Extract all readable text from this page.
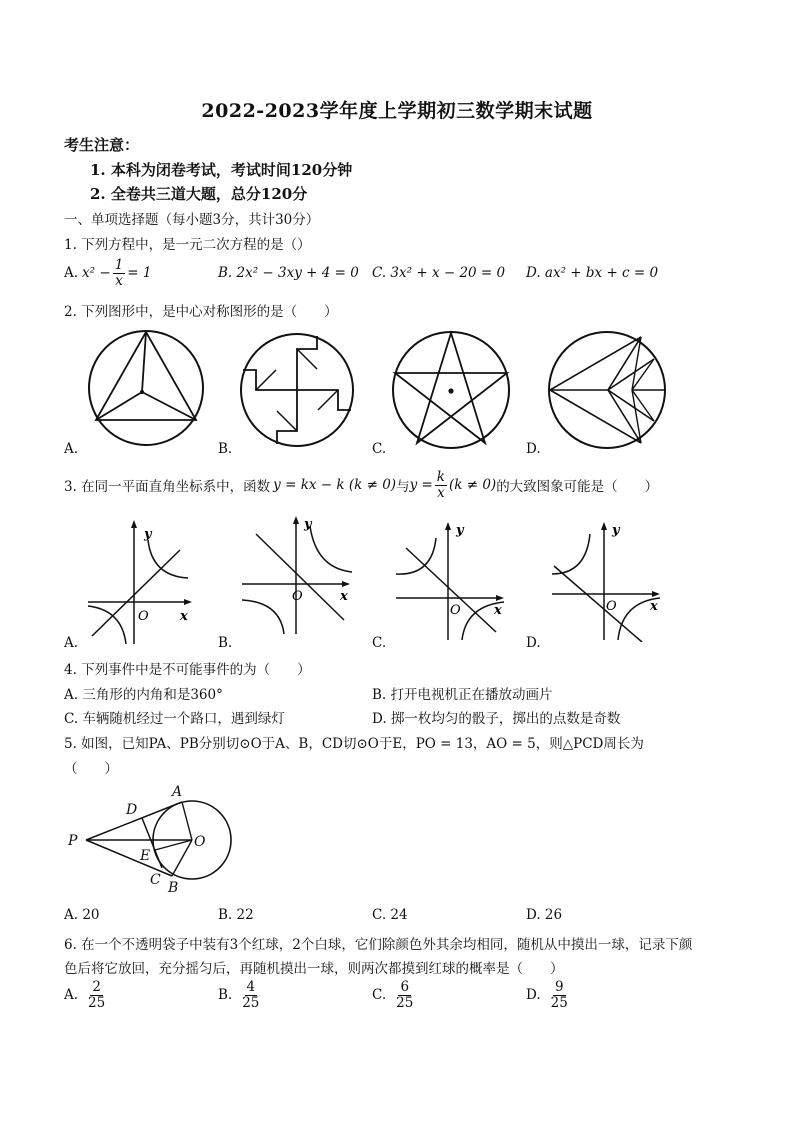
2022-2023学年度上学期初三数学期末试题
考生注意：
1. 本科为闭卷考试，考试时间120分钟
2. 全卷共三道大题，总分120分
一、单项选择题（每小题3分，共计30分）
1. 下列方程中，是一元二次方程的是（）
A. $x^2 - \frac{1}{x} = 1$	B. 2x² − 3xy + 4 = 0 C. 3x² + x − 20 = 0 D. ax² + bx + c = 0
2. 下列图形中，是中心对称图形的是（　　）
A.	B.	C.	D.
3. 在同一平面直角坐标系中，函数 y = kx − k (k ≠ 0) 与 $y = \frac{k}{x} (k \ne 0)$ 的大致图象可能是（　　）
y
x
O
y
x
O
y
x
O
y
x
O
A.	B.	C.	D.
4. 下列事件中是不可能事件的为（　　）
A. 三角形的内角和是360°	B. 打开电视机正在播放动画片
C. 车辆随机经过一个路口，遇到绿灯	D. 掷一枚均匀的骰子，掷出的点数是奇数
5. 如图，已知PA、PB分别切⊙O于A、B，CD切⊙O于E，PO = 13，AO = 5，则△PCD周长为
（　　）
P
A
B
C
D
E
O
A. 20	B. 22	C. 24	D. 26
6. 在一个不透明袋子中装有3个红球，2个白球，它们除颜色外其余均相同，随机从中摸出一球，记录下颜
色后将它放回，充分摇匀后，再随机摸出一球，则两次都摸到红球的概率是（　　）
A. $\frac{2}{25}$	B. $\frac{4}{25}$	C. $\frac{6}{25}$	D. $\frac{9}{25}$
